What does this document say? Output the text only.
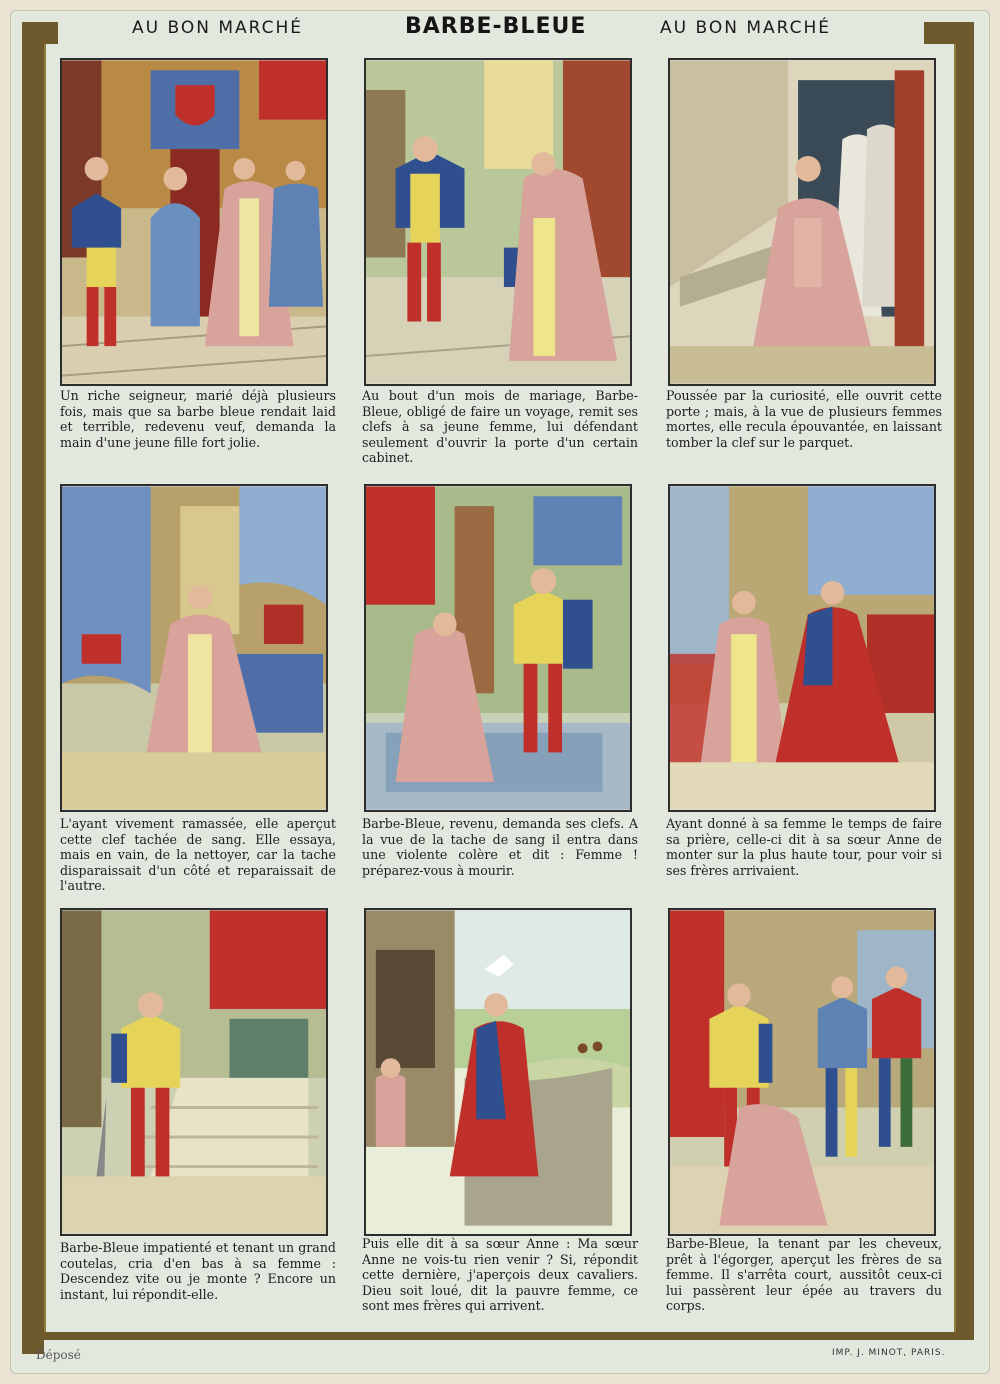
AU BON MARCHÉ	BARBE-BLEUE	AU BON MARCHÉ
Un riche seigneur, marié déjà plusieurs fois, mais que sa barbe bleue rendait laid et terrible, redevenu veuf, demanda la main d'une jeune fille fort jolie.
Au bout d'un mois de mariage, Barbe-Bleue, obligé de faire un voyage, remit ses clefs à sa jeune femme, lui défendant seulement d'ouvrir la porte d'un certain cabinet.
Poussée par la curiosité, elle ouvrit cette porte ; mais, à la vue de plusieurs femmes mortes, elle recula épouvantée, en laissant tomber la clef sur le parquet.
L'ayant vivement ramassée, elle aperçut cette clef tachée de sang. Elle essaya, mais en vain, de la nettoyer, car la tache disparaissait d'un côté et reparaissait de l'autre.
Barbe-Bleue, revenu, demanda ses clefs. A la vue de la tache de sang il entra dans une violente colère et dit : Femme ! préparez-vous à mourir.
Ayant donné à sa femme le temps de faire sa prière, celle-ci dit à sa sœur Anne de monter sur la plus haute tour, pour voir si ses frères arrivaient.
Barbe-Bleue impatienté et tenant un grand coutelas, cria d'en bas à sa femme : Descendez vite ou je monte ? Encore un instant, lui répondit-elle.
Puis elle dit à sa sœur Anne : Ma sœur Anne ne vois-tu rien venir ? Si, répondit cette dernière, j'aperçois deux cavaliers. Dieu soit loué, dit la pauvre femme, ce sont mes frères qui arrivent.
Barbe-Bleue, la tenant par les cheveux, prêt à l'égorger, aperçut les frères de sa femme. Il s'arrêta court, aussitôt ceux-ci lui passèrent leur épée au travers du corps.
Déposé	IMP. J. MINOT, PARIS.
